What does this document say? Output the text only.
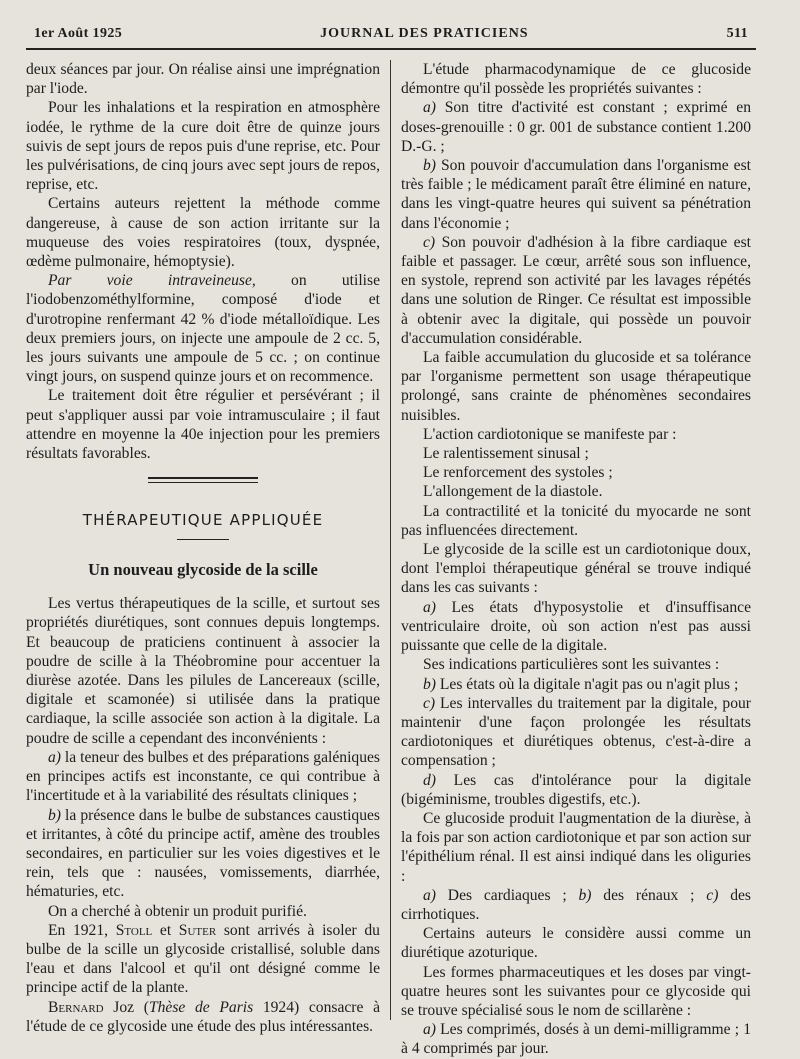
1er Août 1925	JOURNAL DES PRATICIENS	511

deux séances par jour. On réalise ainsi une imprégnation par l'iode.

Pour les inhalations et la respiration en atmosphère iodée, le rythme de la cure doit être de quinze jours suivis de sept jours de repos puis d'une reprise, etc. Pour les pulvérisations, de cinq jours avec sept jours de repos, reprise, etc.

Certains auteurs rejettent la méthode comme dangereuse, à cause de son action irritante sur la muqueuse des voies respiratoires (toux, dyspnée, œdème pulmonaire, hémoptysie).

Par voie intraveineuse, on utilise l'iodobenzométhylformine, composé d'iode et d'urotropine renfermant 42 % d'iode métalloïdique. Les deux premiers jours, on injecte une ampoule de 2 cc. 5, les jours suivants une ampoule de 5 cc. ; on continue vingt jours, on suspend quinze jours et on recommence.

Le traitement doit être régulier et persévérant ; il peut s'appliquer aussi par voie intramusculaire ; il faut attendre en moyenne la 40e injection pour les premiers résultats favorables.

THÉRAPEUTIQUE APPLIQUÉE
Un nouveau glycoside de la scille

Les vertus thérapeutiques de la scille, et surtout ses propriétés diurétiques, sont connues depuis longtemps. Et beaucoup de praticiens continuent à associer la poudre de scille à la Théobromine pour accentuer la diurèse azotée. Dans les pilules de Lancereaux (scille, digitale et scamonée) si utilisée dans la pratique cardiaque, la scille associée son action à la digitale. La poudre de scille a cependant des inconvénients :

a) la teneur des bulbes et des préparations galéniques en principes actifs est inconstante, ce qui contribue à l'incertitude et à la variabilité des résultats cliniques ;

b) la présence dans le bulbe de substances caustiques et irritantes, à côté du principe actif, amène des troubles secondaires, en particulier sur les voies digestives et le rein, tels que : nausées, vomissements, diarrhée, hématuries, etc.

On a cherché à obtenir un produit purifié.

En 1921, Stoll et Suter sont arrivés à isoler du bulbe de la scille un glycoside cristallisé, soluble dans l'eau et dans l'alcool et qu'il ont désigné comme le principe actif de la plante.

Bernard Joz (Thèse de Paris 1924) consacre à l'étude de ce glycoside une étude des plus intéressantes.

L'étude pharmacodynamique de ce glucoside démontre qu'il possède les propriétés suivantes :

a) Son titre d'activité est constant ; exprimé en doses-grenouille : 0 gr. 001 de substance contient 1.200 D.-G. ;

b) Son pouvoir d'accumulation dans l'organisme est très faible ; le médicament paraît être éliminé en nature, dans les vingt-quatre heures qui suivent sa pénétration dans l'économie ;

c) Son pouvoir d'adhésion à la fibre cardiaque est faible et passager. Le cœur, arrêté sous son influence, en systole, reprend son activité par les lavages répétés dans une solution de Ringer. Ce résultat est impossible à obtenir avec la digitale, qui possède un pouvoir d'accumulation considérable.

La faible accumulation du glucoside et sa tolérance par l'organisme permettent son usage thérapeutique prolongé, sans crainte de phénomènes secondaires nuisibles.

L'action cardiotonique se manifeste par :

Le ralentissement sinusal ;

Le renforcement des systoles ;

L'allongement de la diastole.

La contractilité et la tonicité du myocarde ne sont pas influencées directement.

Le glycoside de la scille est un cardiotonique doux, dont l'emploi thérapeutique général se trouve indiqué dans les cas suivants :

a) Les états d'hyposystolie et d'insuffisance ventriculaire droite, où son action n'est pas aussi puissante que celle de la digitale.

Ses indications particulières sont les suivantes :

b) Les états où la digitale n'agit pas ou n'agit plus ;

c) Les intervalles du traitement par la digitale, pour maintenir d'une façon prolongée les résultats cardiotoniques et diurétiques obtenus, c'est-à-dire a compensation ;

d) Les cas d'intolérance pour la digitale (bigéminisme, troubles digestifs, etc.).

Ce glucoside produit l'augmentation de la diurèse, à la fois par son action cardiotonique et par son action sur l'épithélium rénal. Il est ainsi indiqué dans les oliguries :

a) Des cardiaques ; b) des rénaux ; c) des cirrhotiques.

Certains auteurs le considère aussi comme un diurétique azoturique.

Les formes pharmaceutiques et les doses par vingt-quatre heures sont les suivantes pour ce glycoside qui se trouve spécialisé sous le nom de scillarène :

a) Les comprimés, dosés à un demi-milligramme ; 1 à 4 comprimés par jour.
